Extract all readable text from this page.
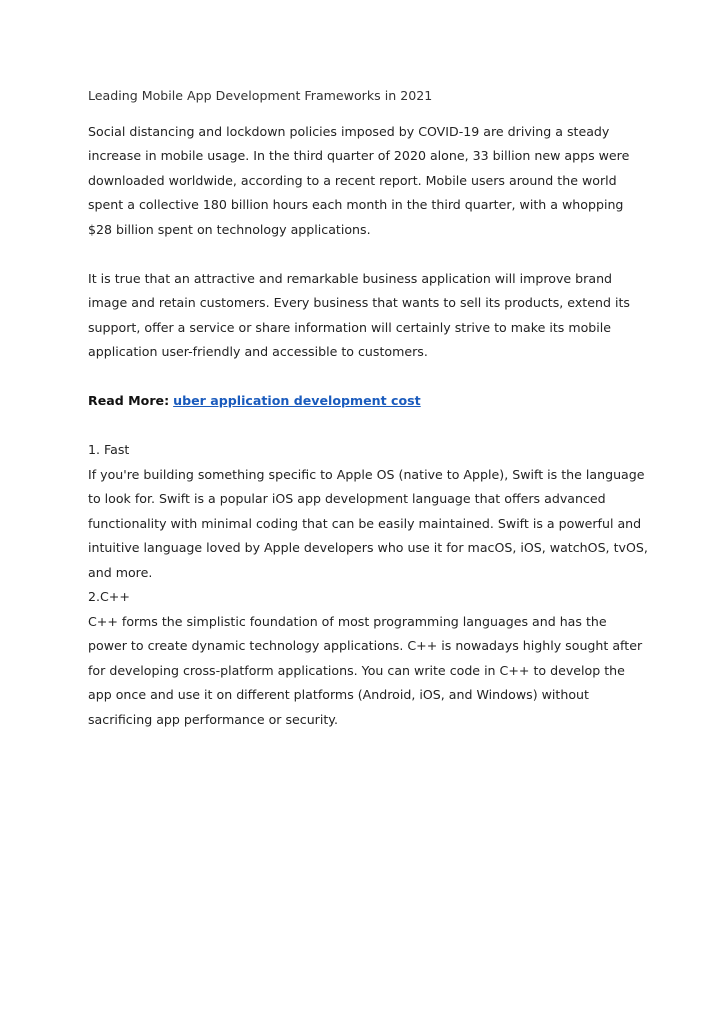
Leading Mobile App Development Frameworks in 2021

Social distancing and lockdown policies imposed by COVID-19 are driving a steady increase in mobile usage. In the third quarter of 2020 alone, 33 billion new apps were downloaded worldwide, according to a recent report. Mobile users around the world spent a collective 180 billion hours each month in the third quarter, with a whopping $28 billion spent on technology applications.

It is true that an attractive and remarkable business application will improve brand image and retain customers. Every business that wants to sell its products, extend its support, offer a service or share information will certainly strive to make its mobile application user-friendly and accessible to customers.

Read More: uber application development cost

1. Fast

If you're building something specific to Apple OS (native to Apple), Swift is the language to look for. Swift is a popular iOS app development language that offers advanced functionality with minimal coding that can be easily maintained. Swift is a powerful and intuitive language loved by Apple developers who use it for macOS, iOS, watchOS, tvOS, and more.

2.C++

C++ forms the simplistic foundation of most programming languages and has the power to create dynamic technology applications. C++ is nowadays highly sought after for developing cross-platform applications. You can write code in C++ to develop the app once and use it on different platforms (Android, iOS, and Windows) without sacrificing app performance or security.
